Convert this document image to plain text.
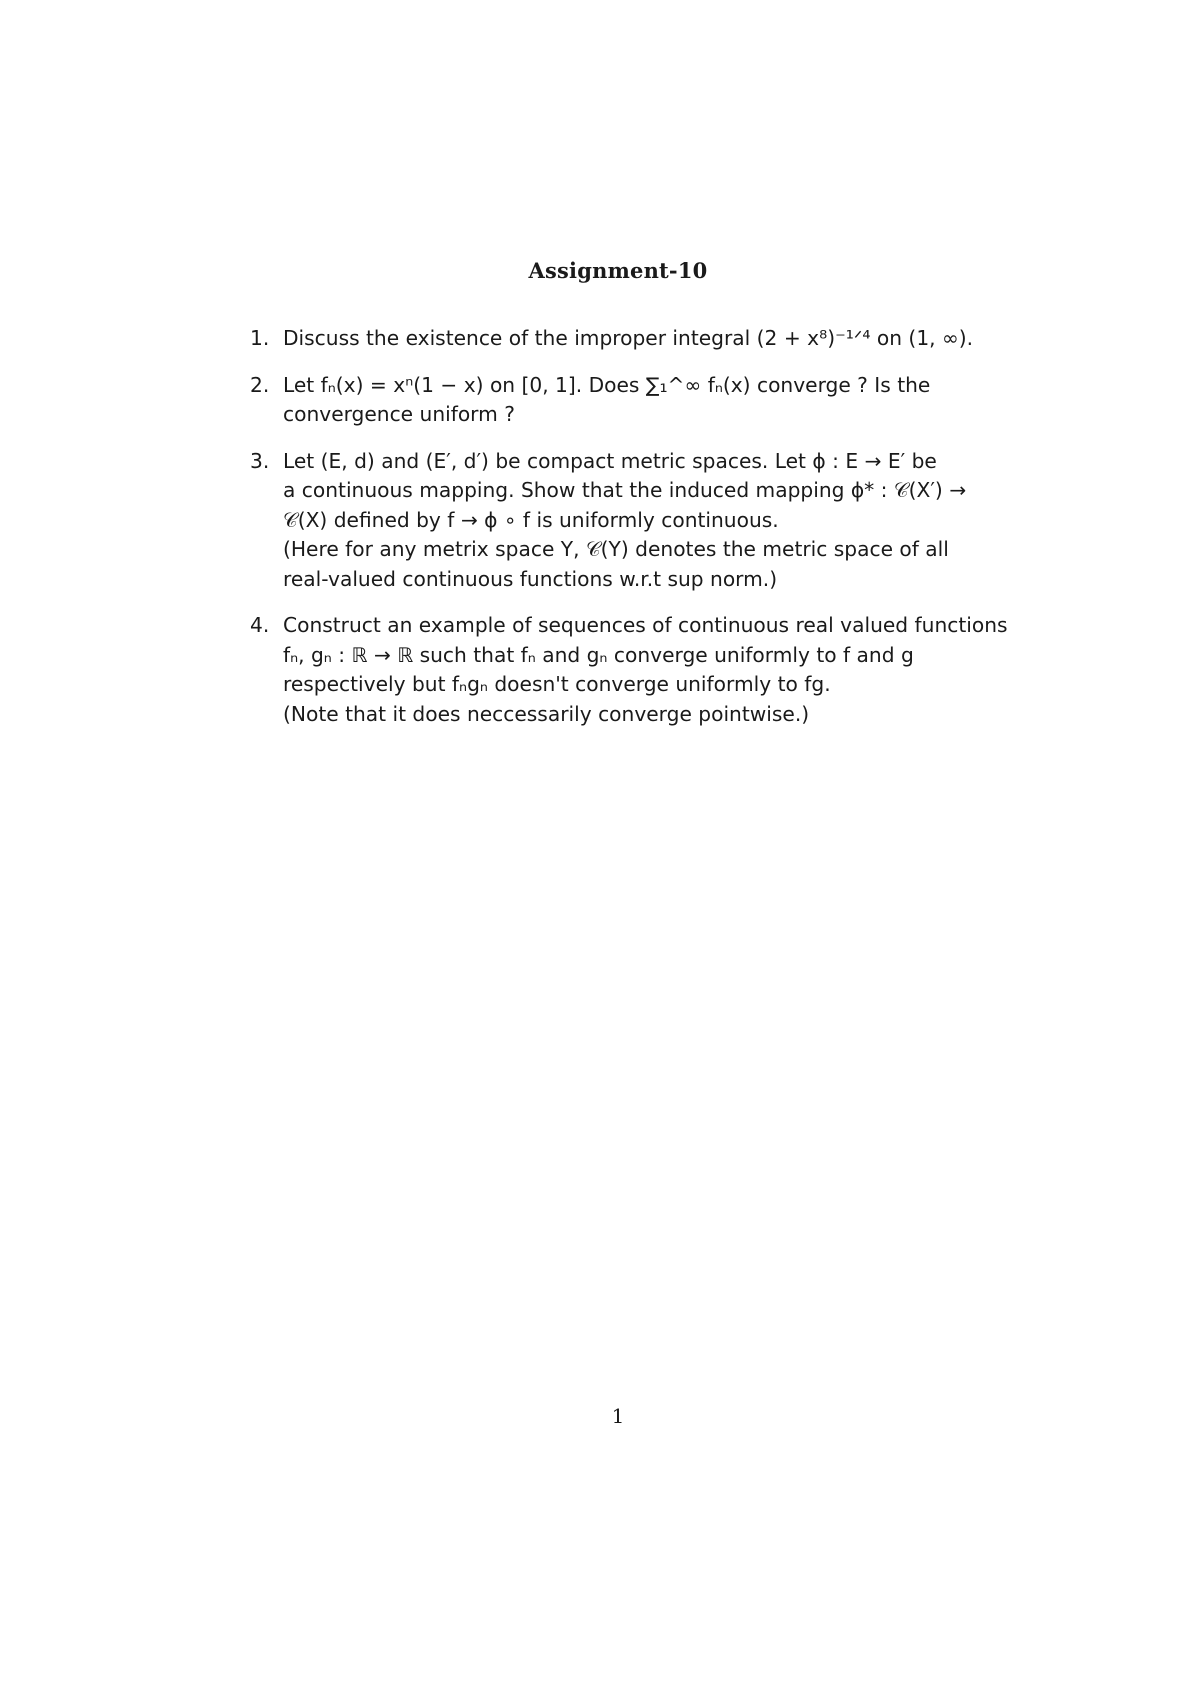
Assignment-10
1. Discuss the existence of the improper integral (2 + x⁸)⁻¹ᐟ⁴ on (1, ∞).
2. Let fₙ(x) = xⁿ(1 − x) on [0, 1]. Does ∑₁^∞ fₙ(x) converge ? Is the
convergence uniform ?
3. Let (E, d) and (E′, d′) be compact metric spaces. Let ϕ : E → E′ be
a continuous mapping. Show that the induced mapping ϕ* : 𝒞(X′) →
𝒞(X) defined by f → ϕ ∘ f is uniformly continuous.
(Here for any metrix space Y, 𝒞(Y) denotes the metric space of all
real-valued continuous functions w.r.t sup norm.)
4. Construct an example of sequences of continuous real valued functions
fₙ, gₙ : ℝ → ℝ such that fₙ and gₙ converge uniformly to f and g
respectively but fₙgₙ doesn't converge uniformly to fg.
(Note that it does neccessarily converge pointwise.)
1
